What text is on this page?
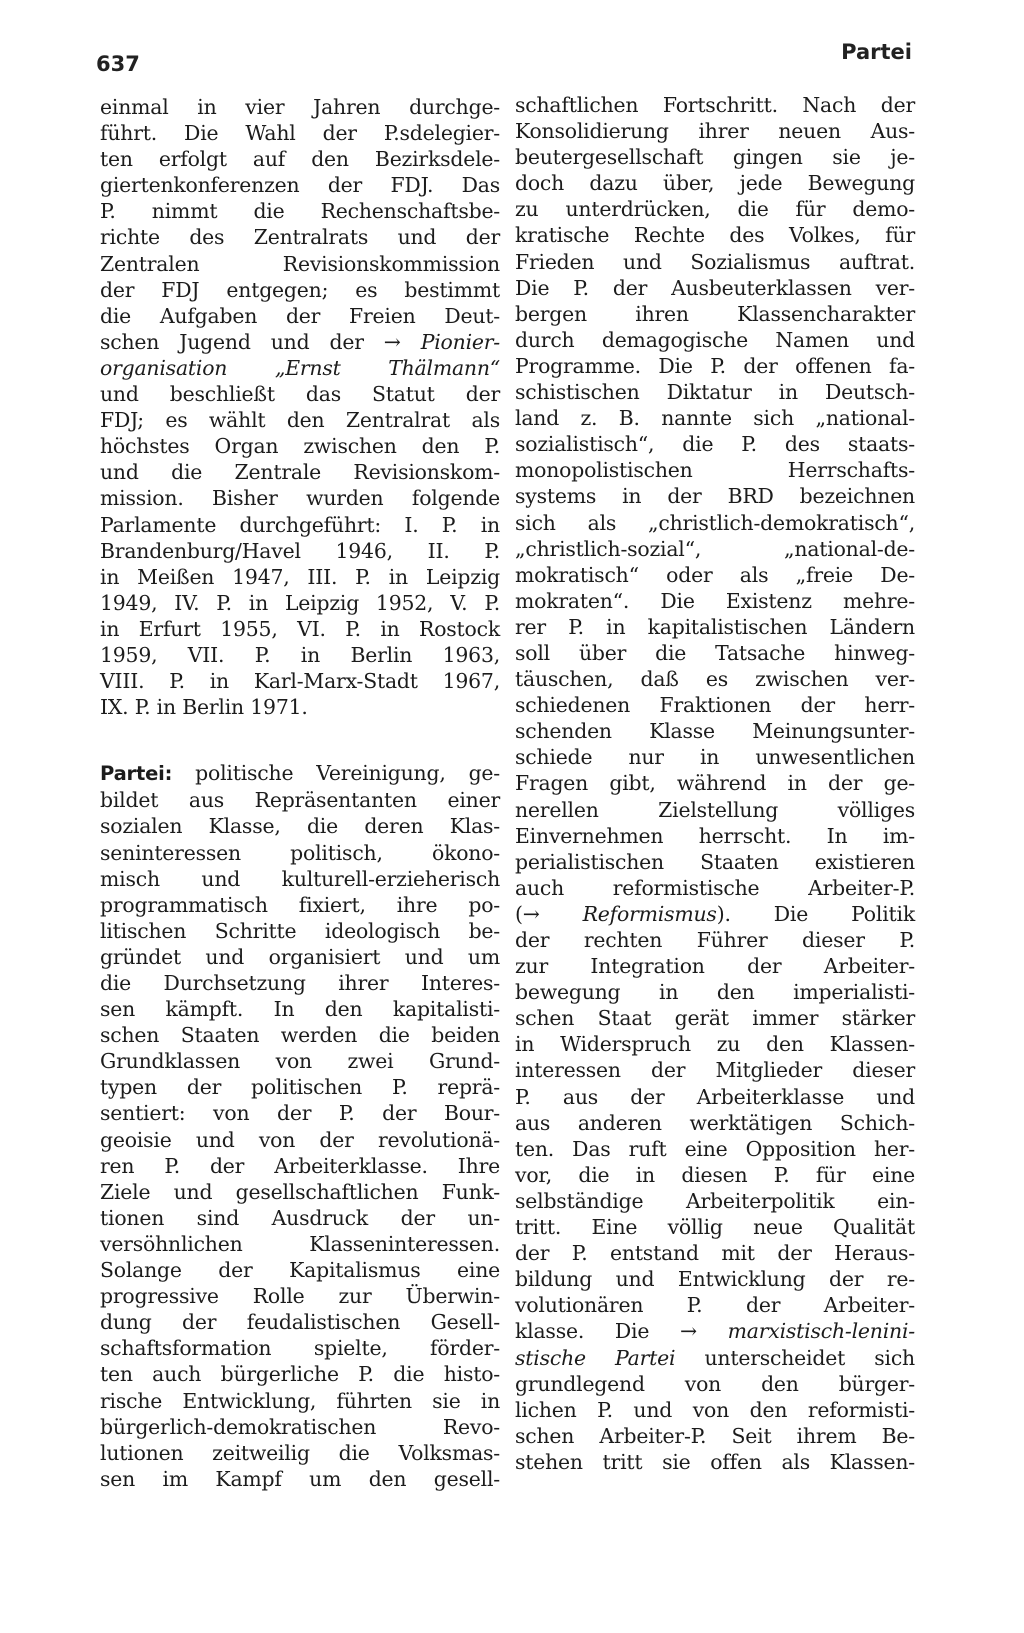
637	Partei
einmal in vier Jahren durchge-
führt. Die Wahl der P.sdelegier-
ten erfolgt auf den Bezirksdele-
giertenkonferenzen der FDJ. Das
P. nimmt die Rechenschaftsbe-
richte des Zentralrats und der
Zentralen Revisionskommission
der FDJ entgegen; es bestimmt
die Aufgaben der Freien Deut-
schen Jugend und der → Pionier-
organisation „Ernst Thälmann“
und beschließt das Statut der
FDJ; es wählt den Zentralrat als
höchstes Organ zwischen den P.
und die Zentrale Revisionskom-
mission. Bisher wurden folgende
Parlamente durchgeführt: I. P. in
Brandenburg/Havel 1946, II. P.
in Meißen 1947, III. P. in Leipzig
1949, IV. P. in Leipzig 1952, V. P.
in Erfurt 1955, VI. P. in Rostock
1959, VII. P. in Berlin 1963,
VIII. P. in Karl-Marx-Stadt 1967,
IX. P. in Berlin 1971.
Partei: politische Vereinigung, ge-
bildet aus Repräsentanten einer
sozialen Klasse, die deren Klas-
seninteressen politisch, ökono-
misch und kulturell-erzieherisch
programmatisch fixiert, ihre po-
litischen Schritte ideologisch be-
gründet und organisiert und um
die Durchsetzung ihrer Interes-
sen kämpft. In den kapitalisti-
schen Staaten werden die beiden
Grundklassen von zwei Grund-
typen der politischen P. reprä-
sentiert: von der P. der Bour-
geoisie und von der revolutionä-
ren P. der Arbeiterklasse. Ihre
Ziele und gesellschaftlichen Funk-
tionen sind Ausdruck der un-
versöhnlichen Klasseninteressen.
Solange der Kapitalismus eine
progressive Rolle zur Überwin-
dung der feudalistischen Gesell-
schaftsformation spielte, förder-
ten auch bürgerliche P. die histo-
rische Entwicklung, führten sie in
bürgerlich-demokratischen Revo-
lutionen zeitweilig die Volksmas-
sen im Kampf um den gesell-
schaftlichen Fortschritt. Nach der
Konsolidierung ihrer neuen Aus-
beutergesellschaft gingen sie je-
doch dazu über, jede Bewegung
zu unterdrücken, die für demo-
kratische Rechte des Volkes, für
Frieden und Sozialismus auftrat.
Die P. der Ausbeuterklassen ver-
bergen ihren Klassencharakter
durch demagogische Namen und
Programme. Die P. der offenen fa-
schistischen Diktatur in Deutsch-
land z. B. nannte sich „national-
sozialistisch“, die P. des staats-
monopolistischen Herrschafts-
systems in der BRD bezeichnen
sich als „christlich-demokratisch“,
„christlich-sozial“, „national-de-
mokratisch“ oder als „freie De-
mokraten“. Die Existenz mehre-
rer P. in kapitalistischen Ländern
soll über die Tatsache hinweg-
täuschen, daß es zwischen ver-
schiedenen Fraktionen der herr-
schenden Klasse Meinungsunter-
schiede nur in unwesentlichen
Fragen gibt, während in der ge-
nerellen Zielstellung völliges
Einvernehmen herrscht. In im-
perialistischen Staaten existieren
auch reformistische Arbeiter-P.
(→ Reformismus). Die Politik
der rechten Führer dieser P.
zur Integration der Arbeiter-
bewegung in den imperialisti-
schen Staat gerät immer stärker
in Widerspruch zu den Klassen-
interessen der Mitglieder dieser
P. aus der Arbeiterklasse und
aus anderen werktätigen Schich-
ten. Das ruft eine Opposition her-
vor, die in diesen P. für eine
selbständige Arbeiterpolitik ein-
tritt. Eine völlig neue Qualität
der P. entstand mit der Heraus-
bildung und Entwicklung der re-
volutionären P. der Arbeiter-
klasse. Die → marxistisch-lenini-
stische Partei unterscheidet sich
grundlegend von den bürger-
lichen P. und von den reformisti-
schen Arbeiter-P. Seit ihrem Be-
stehen tritt sie offen als Klassen-
